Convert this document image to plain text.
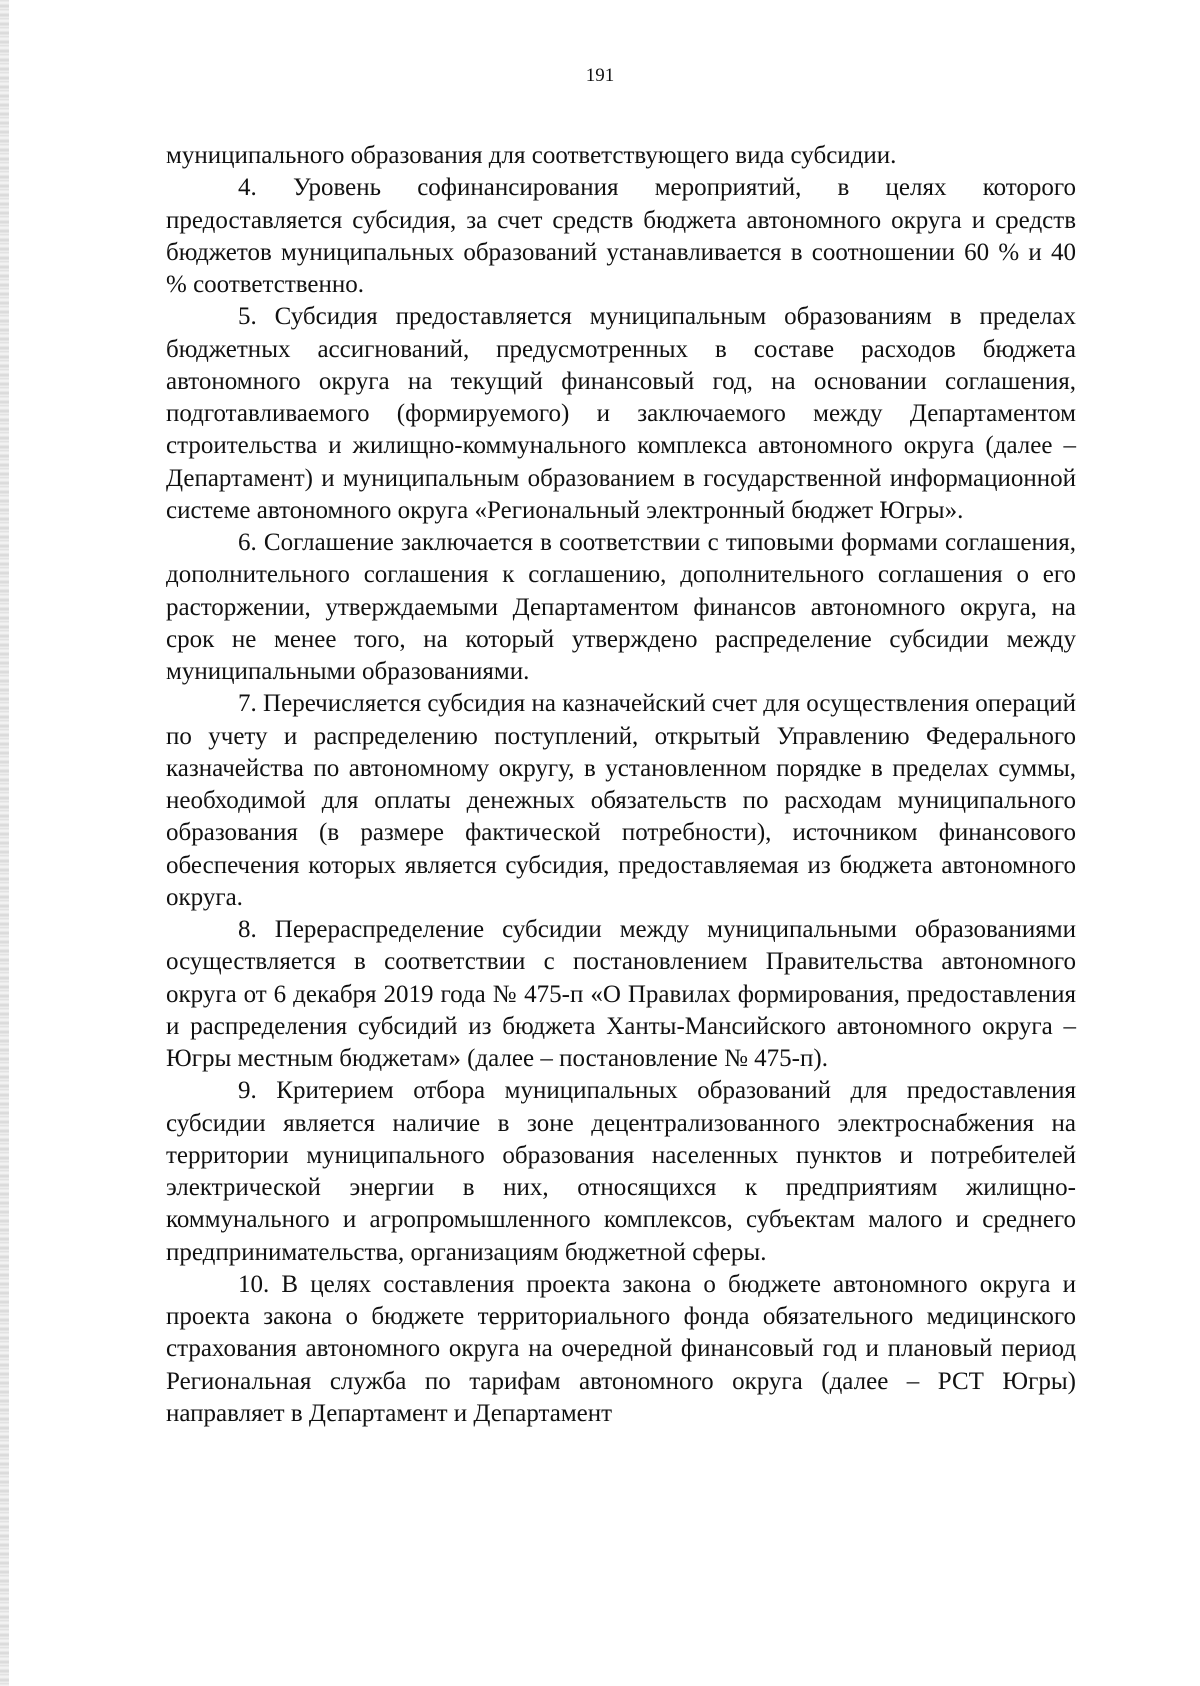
191

муниципального образования для соответствующего вида субсидии.

4. Уровень софинансирования мероприятий, в целях которого предоставляется субсидия, за счет средств бюджета автономного округа и средств бюджетов муниципальных образований устанавливается в соотношении 60 % и 40 % соответственно.

5. Субсидия предоставляется муниципальным образованиям в пределах бюджетных ассигнований, предусмотренных в составе расходов бюджета автономного округа на текущий финансовый год, на основании соглашения, подготавливаемого (формируемого) и заключаемого между Департаментом строительства и жилищно-коммунального комплекса автономного округа (далее – Департамент) и муниципальным образованием в государственной информационной системе автономного округа «Региональный электронный бюджет Югры».

6. Соглашение заключается в соответствии с типовыми формами соглашения, дополнительного соглашения к соглашению, дополнительного соглашения о его расторжении, утверждаемыми Департаментом финансов автономного округа, на срок не менее того, на который утверждено распределение субсидии между муниципальными образованиями.

7. Перечисляется субсидия на казначейский счет для осуществления операций по учету и распределению поступлений, открытый Управлению Федерального казначейства по автономному округу, в установленном порядке в пределах суммы, необходимой для оплаты денежных обязательств по расходам муниципального образования (в размере фактической потребности), источником финансового обеспечения которых является субсидия, предоставляемая из бюджета автономного округа.

8. Перераспределение субсидии между муниципальными образованиями осуществляется в соответствии с постановлением Правительства автономного округа от 6 декабря 2019 года № 475-п «О Правилах формирования, предоставления и распределения субсидий из бюджета Ханты-Мансийского автономного округа – Югры местным бюджетам» (далее – постановление № 475-п).

9. Критерием отбора муниципальных образований для предоставления субсидии является наличие в зоне децентрализованного электроснабжения на территории муниципального образования населенных пунктов и потребителей электрической энергии в них, относящихся к предприятиям жилищно-коммунального и агропромышленного комплексов, субъектам малого и среднего предпринимательства, организациям бюджетной сферы.

10. В целях составления проекта закона о бюджете автономного округа и проекта закона о бюджете территориального фонда обязательного медицинского страхования автономного округа на очередной финансовый год и плановый период Региональная служба по тарифам автономного округа (далее – РСТ Югры) направляет в Департамент и Департамент
